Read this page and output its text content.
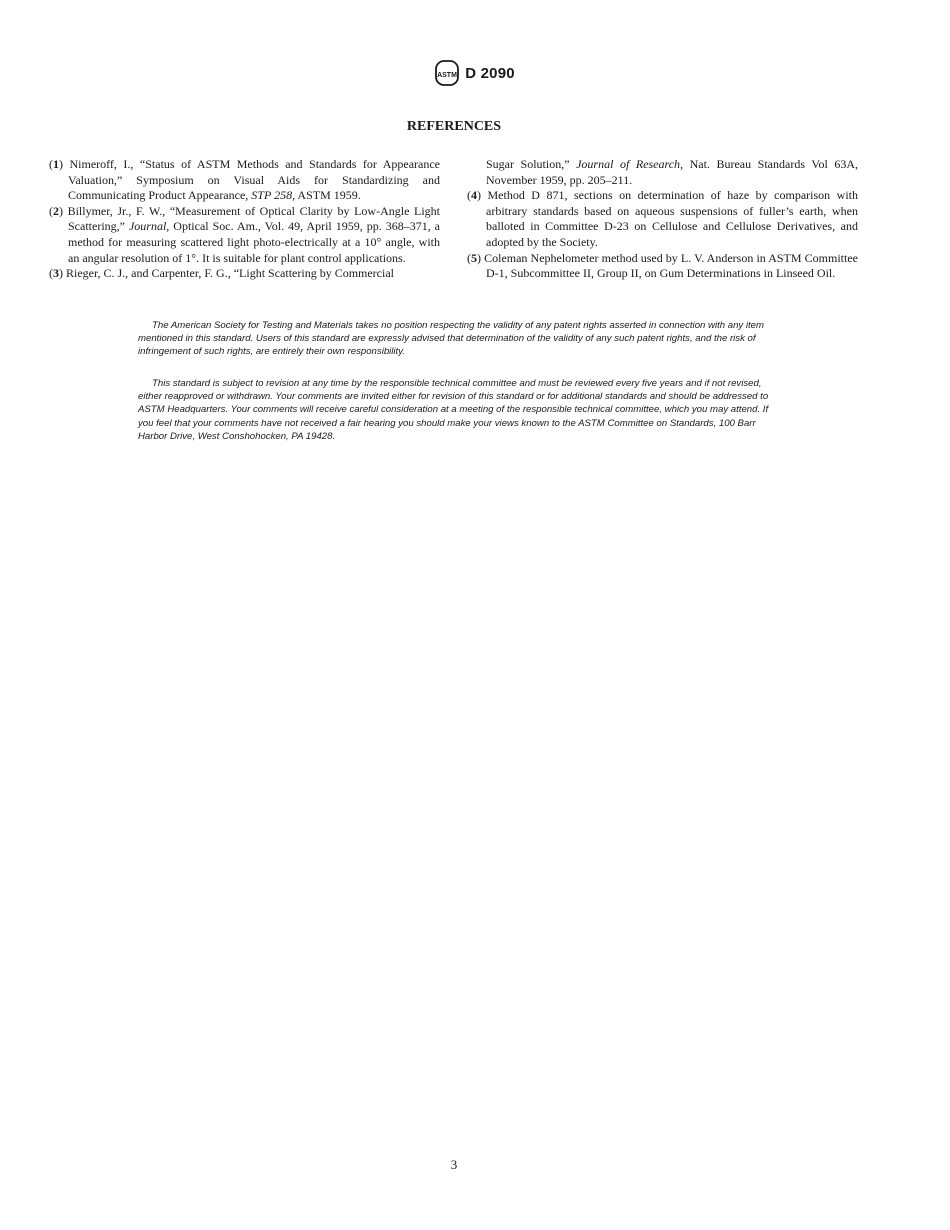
ASTM D 2090
REFERENCES
(1) Nimeroff, I., “Status of ASTM Methods and Standards for Appearance Valuation,” Symposium on Visual Aids for Standardizing and Communicating Product Appearance, STP 258, ASTM 1959.
(2) Billymer, Jr., F. W., “Measurement of Optical Clarity by Low-Angle Light Scattering,” Journal, Optical Soc. Am., Vol. 49, April 1959, pp. 368–371, a method for measuring scattered light photo-electrically at a 10° angle, with an angular resolution of 1°. It is suitable for plant control applications.
(3) Rieger, C. J., and Carpenter, F. G., “Light Scattering by Commercial
Sugar Solution,” Journal of Research, Nat. Bureau Standards Vol 63A, November 1959, pp. 205–211.
(4) Method D 871, sections on determination of haze by comparison with arbitrary standards based on aqueous suspensions of fuller’s earth, when balloted in Committee D-23 on Cellulose and Cellulose Derivatives, and adopted by the Society.
(5) Coleman Nephelometer method used by L. V. Anderson in ASTM Committee D-1, Subcommittee II, Group II, on Gum Determinations in Linseed Oil.
The American Society for Testing and Materials takes no position respecting the validity of any patent rights asserted in connection with any item mentioned in this standard. Users of this standard are expressly advised that determination of the validity of any such patent rights, and the risk of infringement of such rights, are entirely their own responsibility.
This standard is subject to revision at any time by the responsible technical committee and must be reviewed every five years and if not revised, either reapproved or withdrawn. Your comments are invited either for revision of this standard or for additional standards and should be addressed to ASTM Headquarters. Your comments will receive careful consideration at a meeting of the responsible technical committee, which you may attend. If you feel that your comments have not received a fair hearing you should make your views known to the ASTM Committee on Standards, 100 Barr Harbor Drive, West Conshohocken, PA 19428.
3
